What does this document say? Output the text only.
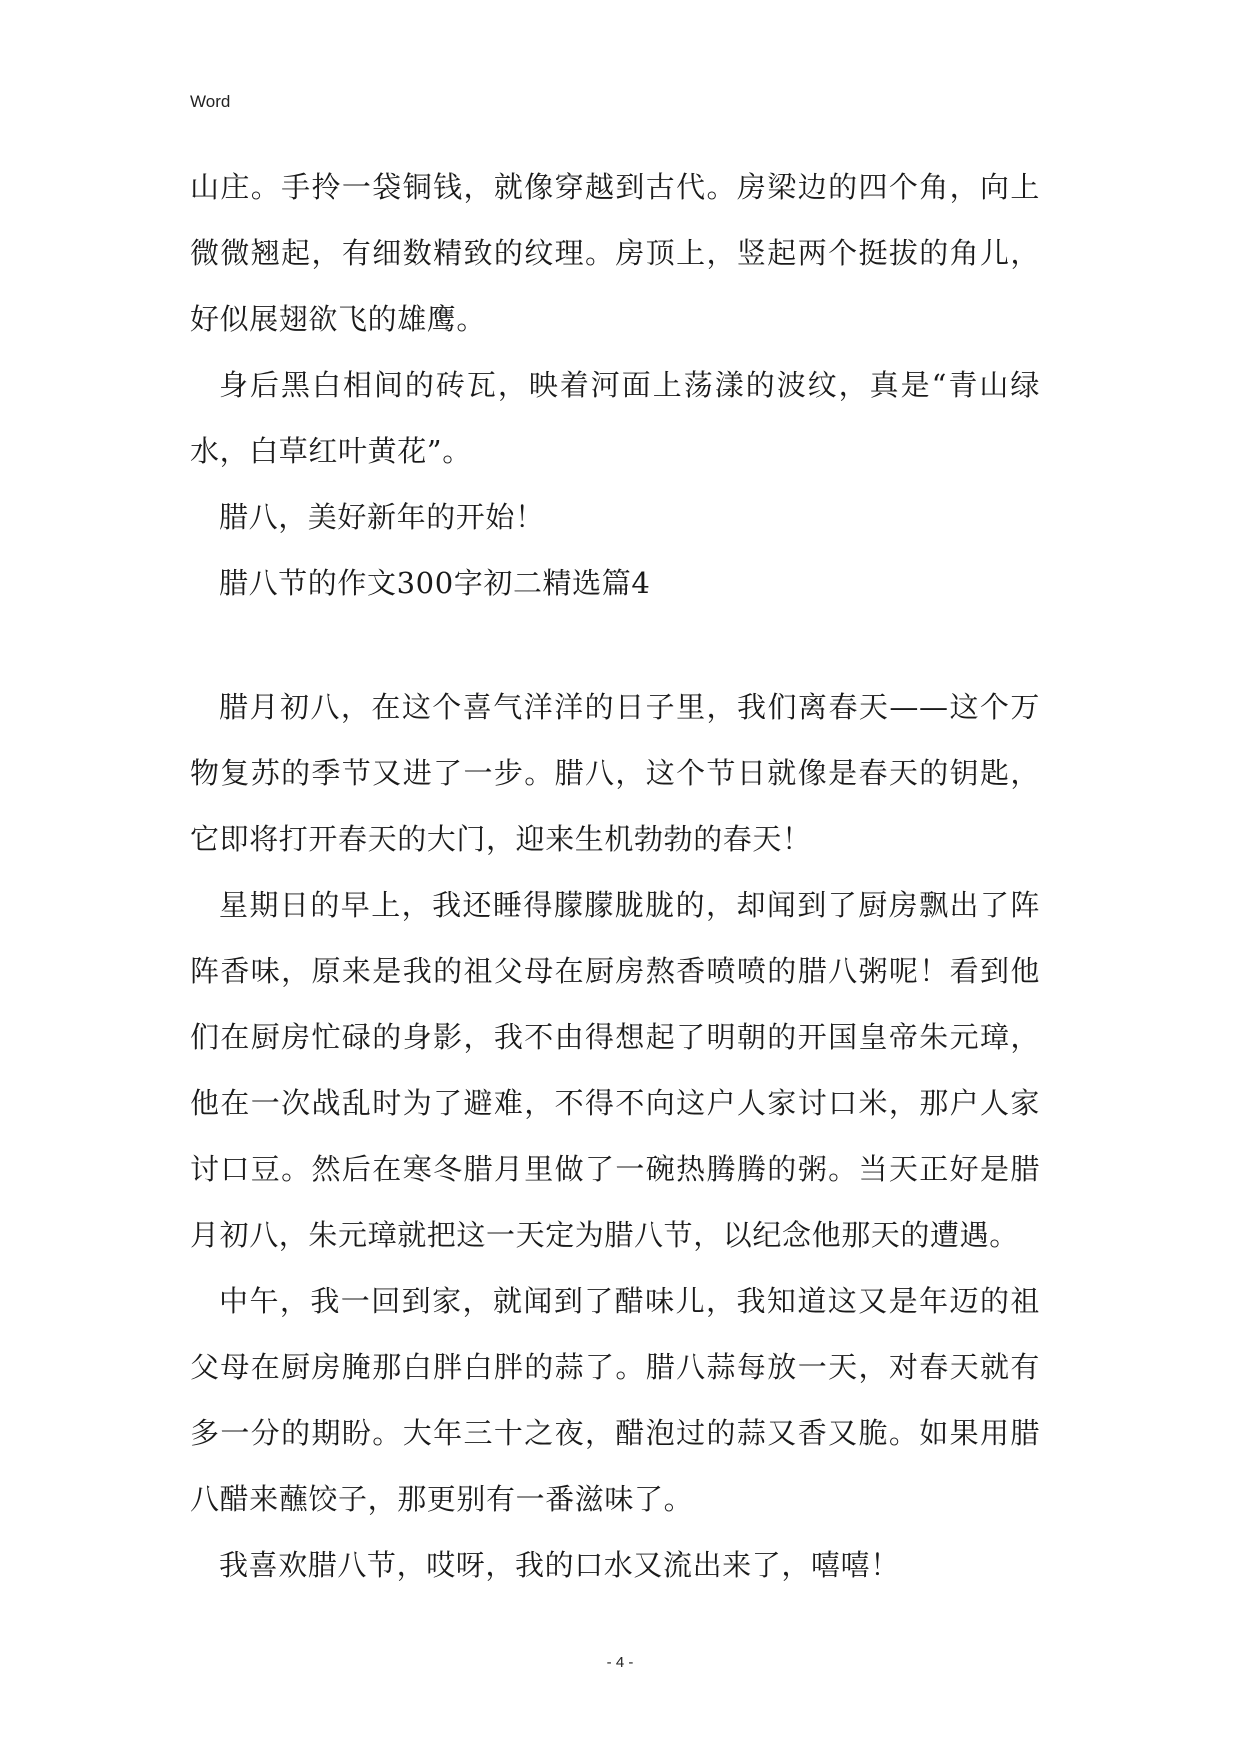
Word

山庄。手拎一袋铜钱，就像穿越到古代。房梁边的四个角，向上微微翘起，有细数精致的纹理。房顶上，竖起两个挺拔的角儿，好似展翅欲飞的雄鹰。

身后黑白相间的砖瓦，映着河面上荡漾的波纹，真是“青山绿水，白草红叶黄花”。

腊八，美好新年的开始！

腊八节的作文300字初二精选篇4

腊月初八，在这个喜气洋洋的日子里，我们离春天——这个万物复苏的季节又进了一步。腊八，这个节日就像是春天的钥匙，它即将打开春天的大门，迎来生机勃勃的春天！

星期日的早上，我还睡得朦朦胧胧的，却闻到了厨房飘出了阵阵香味，原来是我的祖父母在厨房熬香喷喷的腊八粥呢！看到他们在厨房忙碌的身影，我不由得想起了明朝的开国皇帝朱元璋，他在一次战乱时为了避难，不得不向这户人家讨口米，那户人家讨口豆。然后在寒冬腊月里做了一碗热腾腾的粥。当天正好是腊月初八，朱元璋就把这一天定为腊八节，以纪念他那天的遭遇。

中午，我一回到家，就闻到了醋味儿，我知道这又是年迈的祖父母在厨房腌那白胖白胖的蒜了。腊八蒜每放一天，对春天就有多一分的期盼。大年三十之夜，醋泡过的蒜又香又脆。如果用腊八醋来蘸饺子，那更别有一番滋味了。

我喜欢腊八节，哎呀，我的口水又流出来了，嘻嘻！

- 4 -
